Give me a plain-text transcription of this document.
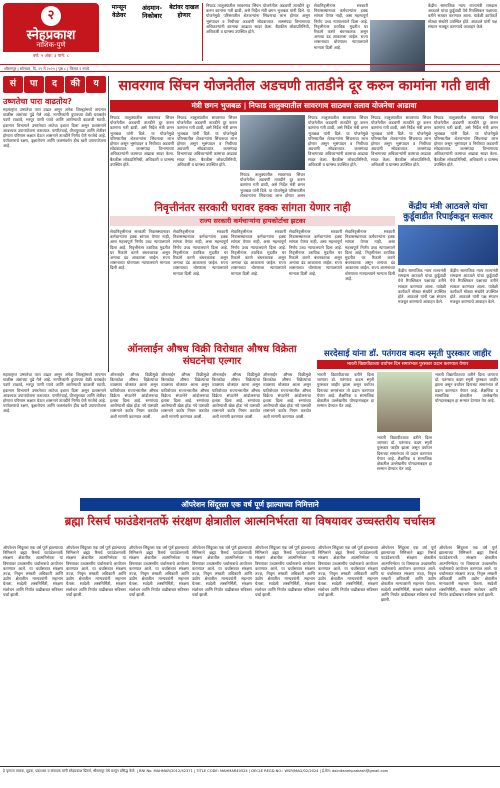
२
स्नेहप्रकाश
नाशिक-पुणे
वर्ष: २ अंक: ३ पाने: ८
मान्सून वेळेवर
अंदमान-निकोबार
बेटांवर दाखल होणार
निफाड तालुक्यातील सावरगाव सिंचन योजनेतील अडचणी तातडीने दूर करुन कामांना गती द्यावी, असे निर्देश मंत्री छगन भुजबळ यांनी दिले. या योजनेमुळे परिसरातील शेतकऱ्यांना सिंचनाचा लाभ होणार असून भूसंपादन व निधीच्या अडचणी सोडवाव्यात. जलसंपदा विभागाच्या अधिकाऱ्यांनी कामाचा आढावा सादर केला. बैठकीस लोकप्रतिनिधी, अधिकारी व ग्रामस्थ उपस्थित होते.
सेवानिवृत्तीनंतर सरकारी निवासस्थानावर कर्मचाऱ्यांना हक्क सांगता येणार नाही, असा महत्त्वपूर्ण निर्णय उच्च न्यायालयाने दिला आहे. निवृत्तीनंतर ठराविक मुदतीत घर रिकामे करणे बंधनकारक असून अन्यथा दंड आकारला जाईल. राज्य शासनाच्या धोरणाला न्यायालयाने मान्यता दिली आहे.
केंद्रीय सामाजिक न्याय राज्यमंत्री रामदास आठवले यांचा कुर्डूवाडी येथे रिपब्लिकन पक्षाच्या वतीने सत्कार करण्यात आला. यावेळी कार्यकर्ते मोठ्या संख्येने उपस्थित होते. आठवले यांनी पक्ष संघटन मजबूत करण्याचे आवाहन केले.
श्रीरामपूर | सोमवार, दि. २९ मे २०२५ | पृष्ठ ८ | किंमत २ रुपये
सं	पा	द	की	य
उष्णतेचा पारा वाढतोय?
महाराष्ट्रात उष्णतेचा पारा वाढत असून अनेक जिल्ह्यांमध्ये तापमान चाळीस अंशांच्या पुढे गेले आहे. नागरिकांनी दुपारच्या वेळी घराबाहेर पडणे टाळावे, भरपूर पाणी प्यावे आणि आरोग्याची काळजी घ्यावी. हवामान विभागाने उष्णतेच्या लाटेचा इशारा दिला असून प्रशासनाने आवश्यक उपाययोजना कराव्यात. पाणीटंचाई, वीजपुरवठा आणि शेतीवर होणारा परिणाम लक्षात घेऊन शासनाने तातडीने निर्णय घेणे गरजेचे आहे. पर्यावरणाचे रक्षण, वृक्षारोपण आणि जलसंवर्धन हीच खरी उपाययोजना आहे.
सावरगाव सिंचन योजनेतील अडचणी तातडीने दूर करुन कामांना गती द्यावी
मंत्री छगन भुजबळ | निफाड तालुक्यातील सावरगाव साठवण तलाव योजनेचा आढावा
निफाड तालुक्यातील सावरगाव सिंचन योजनेतील अडचणी तातडीने दूर करुन कामांना गती द्यावी, असे निर्देश मंत्री छगन भुजबळ यांनी दिले. या योजनेमुळे परिसरातील शेतकऱ्यांना सिंचनाचा लाभ होणार असून भूसंपादन व निधीच्या अडचणी सोडवाव्यात. जलसंपदा विभागाच्या अधिकाऱ्यांनी कामाचा आढावा सादर केला. बैठकीस लोकप्रतिनिधी, अधिकारी व ग्रामस्थ उपस्थित होते.
निफाड तालुक्यातील सावरगाव सिंचन योजनेतील अडचणी तातडीने दूर करुन कामांना गती द्यावी, असे निर्देश मंत्री छगन भुजबळ यांनी दिले. या योजनेमुळे परिसरातील शेतकऱ्यांना सिंचनाचा लाभ होणार असून भूसंपादन व निधीच्या अडचणी सोडवाव्यात. जलसंपदा विभागाच्या अधिकाऱ्यांनी कामाचा आढावा सादर केला. बैठकीस लोकप्रतिनिधी, अधिकारी व ग्रामस्थ उपस्थित होते.
निफाड तालुक्यातील सावरगाव सिंचन योजनेतील अडचणी तातडीने दूर करुन कामांना गती द्यावी, असे निर्देश मंत्री छगन भुजबळ यांनी दिले. या योजनेमुळे परिसरातील शेतकऱ्यांना सिंचनाचा लाभ होणार असून
निफाड तालुक्यातील सावरगाव सिंचन योजनेतील अडचणी तातडीने दूर करुन कामांना गती द्यावी, असे निर्देश मंत्री छगन भुजबळ यांनी दिले. या योजनेमुळे परिसरातील शेतकऱ्यांना सिंचनाचा लाभ होणार असून भूसंपादन व निधीच्या अडचणी सोडवाव्यात. जलसंपदा विभागाच्या अधिकाऱ्यांनी कामाचा आढावा सादर केला. बैठकीस लोकप्रतिनिधी, अधिकारी व ग्रामस्थ उपस्थित होते.
निफाड तालुक्यातील सावरगाव सिंचन योजनेतील अडचणी तातडीने दूर करुन कामांना गती द्यावी, असे निर्देश मंत्री छगन भुजबळ यांनी दिले. या योजनेमुळे परिसरातील शेतकऱ्यांना सिंचनाचा लाभ होणार असून भूसंपादन व निधीच्या अडचणी सोडवाव्यात. जलसंपदा विभागाच्या अधिकाऱ्यांनी कामाचा आढावा सादर केला. बैठकीस लोकप्रतिनिधी, अधिकारी व ग्रामस्थ उपस्थित होते.
निफाड तालुक्यातील सावरगाव सिंचन योजनेतील अडचणी तातडीने दूर करुन कामांना गती द्यावी, असे निर्देश मंत्री छगन भुजबळ यांनी दिले. या योजनेमुळे परिसरातील शेतकऱ्यांना सिंचनाचा लाभ होणार असून भूसंपादन व निधीच्या अडचणी सोडवाव्यात. जलसंपदा विभागाच्या अधिकाऱ्यांनी कामाचा आढावा सादर केला. बैठकीस लोकप्रतिनिधी, अधिकारी व ग्रामस्थ उपस्थित होते.
निवृत्तीनंतर सरकारी घरावर हक्क सांगता येणार नाही
राज्य सरकारी कर्मचाऱ्यांना हायकोर्टाचा झटका
सेवानिवृत्तीनंतर सरकारी निवासस्थानावर कर्मचाऱ्यांना हक्क सांगता येणार नाही, असा महत्त्वपूर्ण निर्णय उच्च न्यायालयाने दिला आहे. निवृत्तीनंतर ठराविक मुदतीत घर रिकामे करणे बंधनकारक असून अन्यथा दंड आकारला जाईल. राज्य शासनाच्या धोरणाला न्यायालयाने मान्यता दिली आहे.
सेवानिवृत्तीनंतर सरकारी निवासस्थानावर कर्मचाऱ्यांना हक्क सांगता येणार नाही, असा महत्त्वपूर्ण निर्णय उच्च न्यायालयाने दिला आहे. निवृत्तीनंतर ठराविक मुदतीत घर रिकामे करणे बंधनकारक असून अन्यथा दंड आकारला जाईल. राज्य शासनाच्या धोरणाला न्यायालयाने मान्यता दिली आहे.
सेवानिवृत्तीनंतर सरकारी निवासस्थानावर कर्मचाऱ्यांना हक्क सांगता येणार नाही, असा महत्त्वपूर्ण निर्णय उच्च न्यायालयाने दिला आहे. निवृत्तीनंतर ठराविक मुदतीत घर रिकामे करणे बंधनकारक असून अन्यथा दंड आकारला जाईल. राज्य शासनाच्या धोरणाला न्यायालयाने मान्यता दिली आहे.
सेवानिवृत्तीनंतर सरकारी निवासस्थानावर कर्मचाऱ्यांना हक्क सांगता येणार नाही, असा महत्त्वपूर्ण निर्णय उच्च न्यायालयाने दिला आहे. निवृत्तीनंतर ठराविक मुदतीत घर रिकामे करणे बंधनकारक असून अन्यथा दंड आकारला जाईल. राज्य शासनाच्या धोरणाला न्यायालयाने मान्यता दिली आहे.
सेवानिवृत्तीनंतर सरकारी निवासस्थानावर कर्मचाऱ्यांना हक्क सांगता येणार नाही, असा महत्त्वपूर्ण निर्णय उच्च न्यायालयाने दिला आहे. निवृत्तीनंतर ठराविक मुदतीत घर रिकामे करणे बंधनकारक असून अन्यथा दंड आकारला जाईल. राज्य शासनाच्या धोरणाला न्यायालयाने मान्यता दिली आहे.
केंद्रीय मंत्री आठवले यांचा कुर्डूवाडीत रिपाईकडून सत्कार
केंद्रीय सामाजिक न्याय राज्यमंत्री रामदास आठवले यांचा कुर्डूवाडी येथे रिपब्लिकन पक्षाच्या वतीने सत्कार करण्यात आला. यावेळी कार्यकर्ते मोठ्या संख्येने उपस्थित होते. आठवले यांनी पक्ष संघटन मजबूत करण्याचे आवाहन केले.
केंद्रीय सामाजिक न्याय राज्यमंत्री रामदास आठवले यांचा कुर्डूवाडी येथे रिपब्लिकन पक्षाच्या वतीने सत्कार करण्यात आला. यावेळी कार्यकर्ते मोठ्या संख्येने उपस्थित होते. आठवले यांनी पक्ष संघटन मजबूत करण्याचे आवाहन केले.
ऑनलाईन औषध विक्री विरोधात औषध विक्रेता संघटनेचा एल्गार
ऑनलाईन औषध विक्रीमुळे किरकोळ औषध विक्रेत्यांचा व्यवसाय धोक्यात आला असून याविरोधात राज्यभरातील औषध विक्रेता संघटनेने आंदोलनाचा इशारा दिला आहे. रुग्णांच्या आरोग्याशी खेळ होऊ नये यासाठी शासनाने कठोर नियम करावेत अशी मागणी करण्यात आली.
ऑनलाईन औषध विक्रीमुळे किरकोळ औषध विक्रेत्यांचा व्यवसाय धोक्यात आला असून याविरोधात राज्यभरातील औषध विक्रेता संघटनेने आंदोलनाचा इशारा दिला आहे. रुग्णांच्या आरोग्याशी खेळ होऊ नये यासाठी शासनाने कठोर नियम करावेत अशी मागणी करण्यात आली.
ऑनलाईन औषध विक्रीमुळे किरकोळ औषध विक्रेत्यांचा व्यवसाय धोक्यात आला असून याविरोधात राज्यभरातील औषध विक्रेता संघटनेने आंदोलनाचा इशारा दिला आहे. रुग्णांच्या आरोग्याशी खेळ होऊ नये यासाठी शासनाने कठोर नियम करावेत अशी मागणी करण्यात आली.
ऑनलाईन औषध विक्रीमुळे किरकोळ औषध विक्रेत्यांचा व्यवसाय धोक्यात आला असून याविरोधात राज्यभरातील औषध विक्रेता संघटनेने आंदोलनाचा इशारा दिला आहे. रुग्णांच्या आरोग्याशी खेळ होऊ नये यासाठी शासनाने कठोर नियम करावेत अशी मागणी करण्यात आली.
सरदेसाई यांना डॉ. पतंगराव कदम स्मृती पुरस्कार जाहीर
भारती विद्यापीठाच्या वर्धापन दिन समारंभात पुरस्कार प्रदान करण्यात येणार
भारती विद्यापीठाच्या वतीने दिला जाणारा डॉ. पतंगराव कदम स्मृती पुरस्कार जाहीर झाला असून वर्धापन दिनाच्या समारंभात तो प्रदान करण्यात येणार आहे. शैक्षणिक व सामाजिक क्षेत्रातील उल्लेखनीय योगदानाबद्दल हा सन्मान देण्यात येत आहे.
भारती विद्यापीठाच्या वतीने दिला जाणारा डॉ. पतंगराव कदम स्मृती पुरस्कार जाहीर झाला असून वर्धापन दिनाच्या समारंभात तो प्रदान करण्यात येणार आहे. शैक्षणिक व सामाजिक क्षेत्रातील उल्लेखनीय योगदानाबद्दल हा सन्मान देण्यात येत आहे.
भारती विद्यापीठाच्या वतीने दिला जाणारा डॉ. पतंगराव कदम स्मृती पुरस्कार जाहीर झाला असून वर्धापन दिनाच्या समारंभात तो प्रदान करण्यात येणार आहे. शैक्षणिक व सामाजिक क्षेत्रातील उल्लेखनीय योगदानाबद्दल हा सन्मान देण्यात येत आहे.
महाराष्ट्रात उष्णतेचा पारा वाढत असून अनेक जिल्ह्यांमध्ये तापमान चाळीस अंशांच्या पुढे गेले आहे. नागरिकांनी दुपारच्या वेळी घराबाहेर पडणे टाळावे, भरपूर पाणी प्यावे आणि आरोग्याची काळजी घ्यावी. हवामान विभागाने उष्णतेच्या लाटेचा इशारा दिला असून प्रशासनाने आवश्यक उपाययोजना कराव्यात. पाणीटंचाई, वीजपुरवठा आणि शेतीवर होणारा परिणाम लक्षात घेऊन शासनाने तातडीने निर्णय घेणे गरजेचे आहे. पर्यावरणाचे रक्षण, वृक्षारोपण आणि जलसंवर्धन हीच खरी उपाययोजना आहे.
ऑपरेशन सिंदूरला एक वर्ष पूर्ण झाल्याच्या निमित्ताने
ब्रह्मा रिसर्च फाउंडेशनतर्फे संरक्षण क्षेत्रातील आत्मनिर्भरता या विषयावर उच्चस्तरीय चर्चासत्र
ऑपरेशन सिंदूरला एक वर्ष पूर्ण झाल्याच्या निमित्ताने ब्रह्मा रिसर्च फाउंडेशनतर्फे संरक्षण क्षेत्रातील आत्मनिर्भरता या विषयावर उच्चस्तरीय चर्चासत्राचे आयोजन करण्यात आले. या चर्चासत्रात संरक्षण तज्ज्ञ, निवृत्त लष्करी अधिकारी आणि उद्योग क्षेत्रातील मान्यवरांनी सहभाग घेतला. स्वदेशी शस्त्रनिर्मिती, संरक्षण संशोधन आणि निर्यात वाढीबाबत सविस्तर चर्चा झाली.
ऑपरेशन सिंदूरला एक वर्ष पूर्ण झाल्याच्या निमित्ताने ब्रह्मा रिसर्च फाउंडेशनतर्फे संरक्षण क्षेत्रातील आत्मनिर्भरता या विषयावर उच्चस्तरीय चर्चासत्राचे आयोजन करण्यात आले. या चर्चासत्रात संरक्षण तज्ज्ञ, निवृत्त लष्करी अधिकारी आणि उद्योग क्षेत्रातील मान्यवरांनी सहभाग घेतला. स्वदेशी शस्त्रनिर्मिती, संरक्षण संशोधन आणि निर्यात वाढीबाबत सविस्तर चर्चा झाली.
ऑपरेशन सिंदूरला एक वर्ष पूर्ण झाल्याच्या निमित्ताने ब्रह्मा रिसर्च फाउंडेशनतर्फे संरक्षण क्षेत्रातील आत्मनिर्भरता या विषयावर उच्चस्तरीय चर्चासत्राचे आयोजन करण्यात आले. या चर्चासत्रात संरक्षण तज्ज्ञ, निवृत्त लष्करी अधिकारी आणि उद्योग क्षेत्रातील मान्यवरांनी सहभाग घेतला. स्वदेशी शस्त्रनिर्मिती, संरक्षण संशोधन आणि निर्यात वाढीबाबत सविस्तर चर्चा झाली.
ऑपरेशन सिंदूरला एक वर्ष पूर्ण झाल्याच्या निमित्ताने ब्रह्मा रिसर्च फाउंडेशनतर्फे संरक्षण क्षेत्रातील आत्मनिर्भरता या विषयावर उच्चस्तरीय चर्चासत्राचे आयोजन करण्यात आले. या चर्चासत्रात संरक्षण तज्ज्ञ, निवृत्त लष्करी अधिकारी आणि उद्योग क्षेत्रातील मान्यवरांनी सहभाग घेतला. स्वदेशी शस्त्रनिर्मिती, संरक्षण संशोधन आणि निर्यात वाढीबाबत सविस्तर चर्चा झाली.
ऑपरेशन सिंदूरला एक वर्ष पूर्ण झाल्याच्या निमित्ताने ब्रह्मा रिसर्च फाउंडेशनतर्फे संरक्षण क्षेत्रातील आत्मनिर्भरता या विषयावर उच्चस्तरीय चर्चासत्राचे आयोजन करण्यात आले. या चर्चासत्रात संरक्षण तज्ज्ञ, निवृत्त लष्करी अधिकारी आणि उद्योग क्षेत्रातील मान्यवरांनी सहभाग घेतला. स्वदेशी शस्त्रनिर्मिती, संरक्षण संशोधन आणि निर्यात वाढीबाबत सविस्तर चर्चा झाली.
ऑपरेशन सिंदूरला एक वर्ष पूर्ण झाल्याच्या निमित्ताने ब्रह्मा रिसर्च फाउंडेशनतर्फे संरक्षण क्षेत्रातील आत्मनिर्भरता या विषयावर उच्चस्तरीय चर्चासत्राचे आयोजन करण्यात आले. या चर्चासत्रात संरक्षण तज्ज्ञ, निवृत्त लष्करी अधिकारी आणि उद्योग क्षेत्रातील मान्यवरांनी सहभाग घेतला. स्वदेशी शस्त्रनिर्मिती, संरक्षण संशोधन आणि निर्यात वाढीबाबत सविस्तर चर्चा झाली.
ऑपरेशन सिंदूरला एक वर्ष पूर्ण झाल्याच्या निमित्ताने ब्रह्मा रिसर्च फाउंडेशनतर्फे संरक्षण क्षेत्रातील आत्मनिर्भरता या विषयावर उच्चस्तरीय चर्चासत्राचे आयोजन करण्यात आले. या चर्चासत्रात संरक्षण तज्ज्ञ, निवृत्त लष्करी अधिकारी आणि उद्योग क्षेत्रातील मान्यवरांनी सहभाग घेतला. स्वदेशी शस्त्रनिर्मिती, संरक्षण संशोधन आणि निर्यात वाढीबाबत सविस्तर चर्चा झाली.
ऑपरेशन सिंदूरला एक वर्ष पूर्ण झाल्याच्या निमित्ताने ब्रह्मा रिसर्च फाउंडेशनतर्फे संरक्षण क्षेत्रातील आत्मनिर्भरता या विषयावर उच्चस्तरीय चर्चासत्राचे आयोजन करण्यात आले. या चर्चासत्रात संरक्षण तज्ज्ञ, निवृत्त लष्करी अधिकारी आणि उद्योग क्षेत्रातील मान्यवरांनी सहभाग घेतला. स्वदेशी शस्त्रनिर्मिती, संरक्षण संशोधन आणि निर्यात वाढीबाबत सविस्तर चर्चा झाली.
हे वृत्तपत्र मालक, मुद्रक, प्रकाशक व संपादक यांनी स्नेहप्रकाश प्रिंटर्स, श्रीरामपूर येथे छापून प्रसिद्ध केले. | RNI No. MAHMAR/2012/42371 | TITLE CODE: MAHMAR40524 | DECLE REGD.NO.: WSR/MAG/02/2024 | ई-मेल: dainiksnehprakash@gmail.com
